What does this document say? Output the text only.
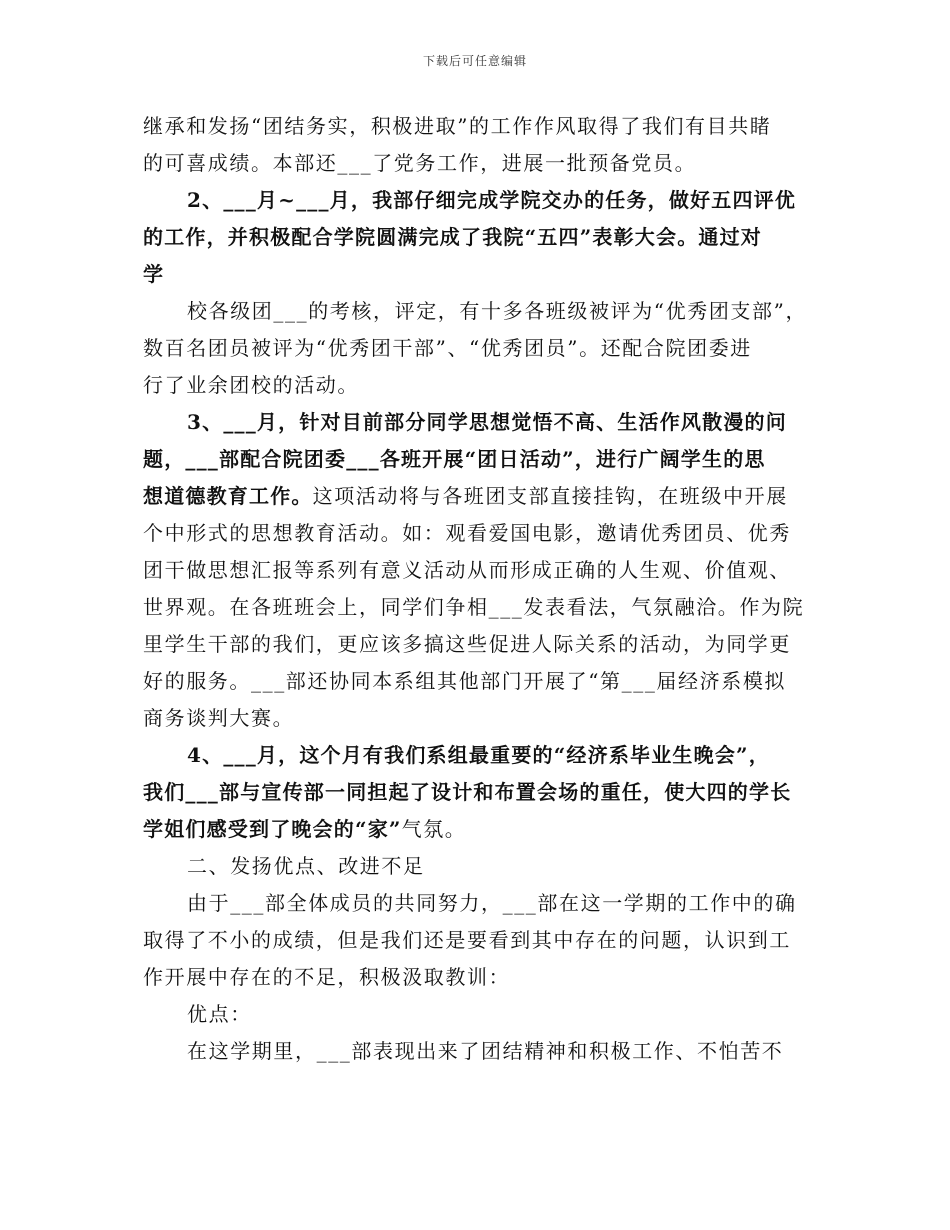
下载后可任意编辑
继承和发扬“团结务实，积极进取”的工作作风取得了我们有目共睹
的可喜成绩。本部还___了党务工作，进展一批预备党员。
2、___月~___月，我部仔细完成学院交办的任务，做好五四评优
的工作，并积极配合学院圆满完成了我院“五四”表彰大会。通过对
学
校各级团___的考核，评定，有十多各班级被评为“优秀团支部”，
数百名团员被评为“优秀团干部”、“优秀团员”。还配合院团委进
行了业余团校的活动。
3、___月，针对目前部分同学思想觉悟不高、生活作风散漫的问
题，___部配合院团委___各班开展“团日活动”，进行广阔学生的思
想道德教育工作。这项活动将与各班团支部直接挂钩，在班级中开展
个中形式的思想教育活动。如：观看爱国电影，邀请优秀团员、优秀
团干做思想汇报等系列有意义活动从而形成正确的人生观、价值观、
世界观。在各班班会上，同学们争相___发表看法，气氛融洽。作为院
里学生干部的我们，更应该多搞这些促进人际关系的活动，为同学更
好的服务。___部还协同本系组其他部门开展了“第___届经济系模拟
商务谈判大赛。
4、___月，这个月有我们系组最重要的“经济系毕业生晚会”，
我们___部与宣传部一同担起了设计和布置会场的重任，使大四的学长
学姐们感受到了晚会的“家”气氛。
二、发扬优点、改进不足
由于___部全体成员的共同努力，___部在这一学期的工作中的确
取得了不小的成绩，但是我们还是要看到其中存在的问题，认识到工
作开展中存在的不足，积极汲取教训：
优点：
在这学期里，___部表现出来了团结精神和积极工作、不怕苦不
